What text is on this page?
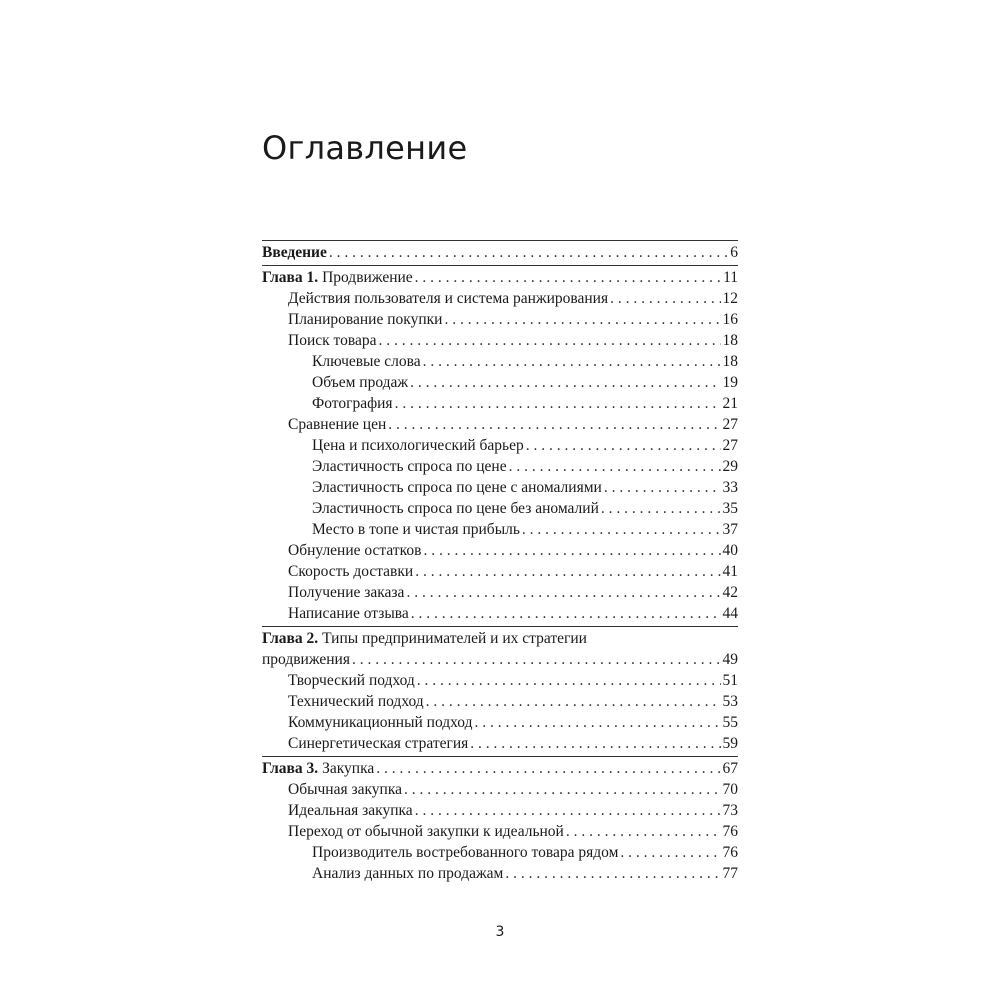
Оглавление
Введение . . .	6
Глава 1. Продвижение . . .	11
Действия пользователя и система ранжирования . . .	12
Планирование покупки . . .	16
Поиск товара . . .	18
Ключевые слова . . .	18
Объем продаж . . .	19
Фотография . . .	21
Сравнение цен . . .	27
Цена и психологический барьер . . .	27
Эластичность спроса по цене . . .	29
Эластичность спроса по цене с аномалиями . . .	33
Эластичность спроса по цене без аномалий . . .	35
Место в топе и чистая прибыль . . .	37
Обнуление остатков . . .	40
Скорость доставки . . .	41
Получение заказа . . .	42
Написание отзыва . . .	44
Глава 2. Типы предпринимателей и их стратегии
продвижения . . .	49
Творческий подход . . .	51
Технический подход . . .	53
Коммуникационный подход . . .	55
Синергетическая стратегия . . .	59
Глава 3. Закупка . . .	67
Обычная закупка . . .	70
Идеальная закупка . . .	73
Переход от обычной закупки к идеальной . . .	76
Производитель востребованного товара рядом . . .	76
Анализ данных по продажам . . .	77
3
